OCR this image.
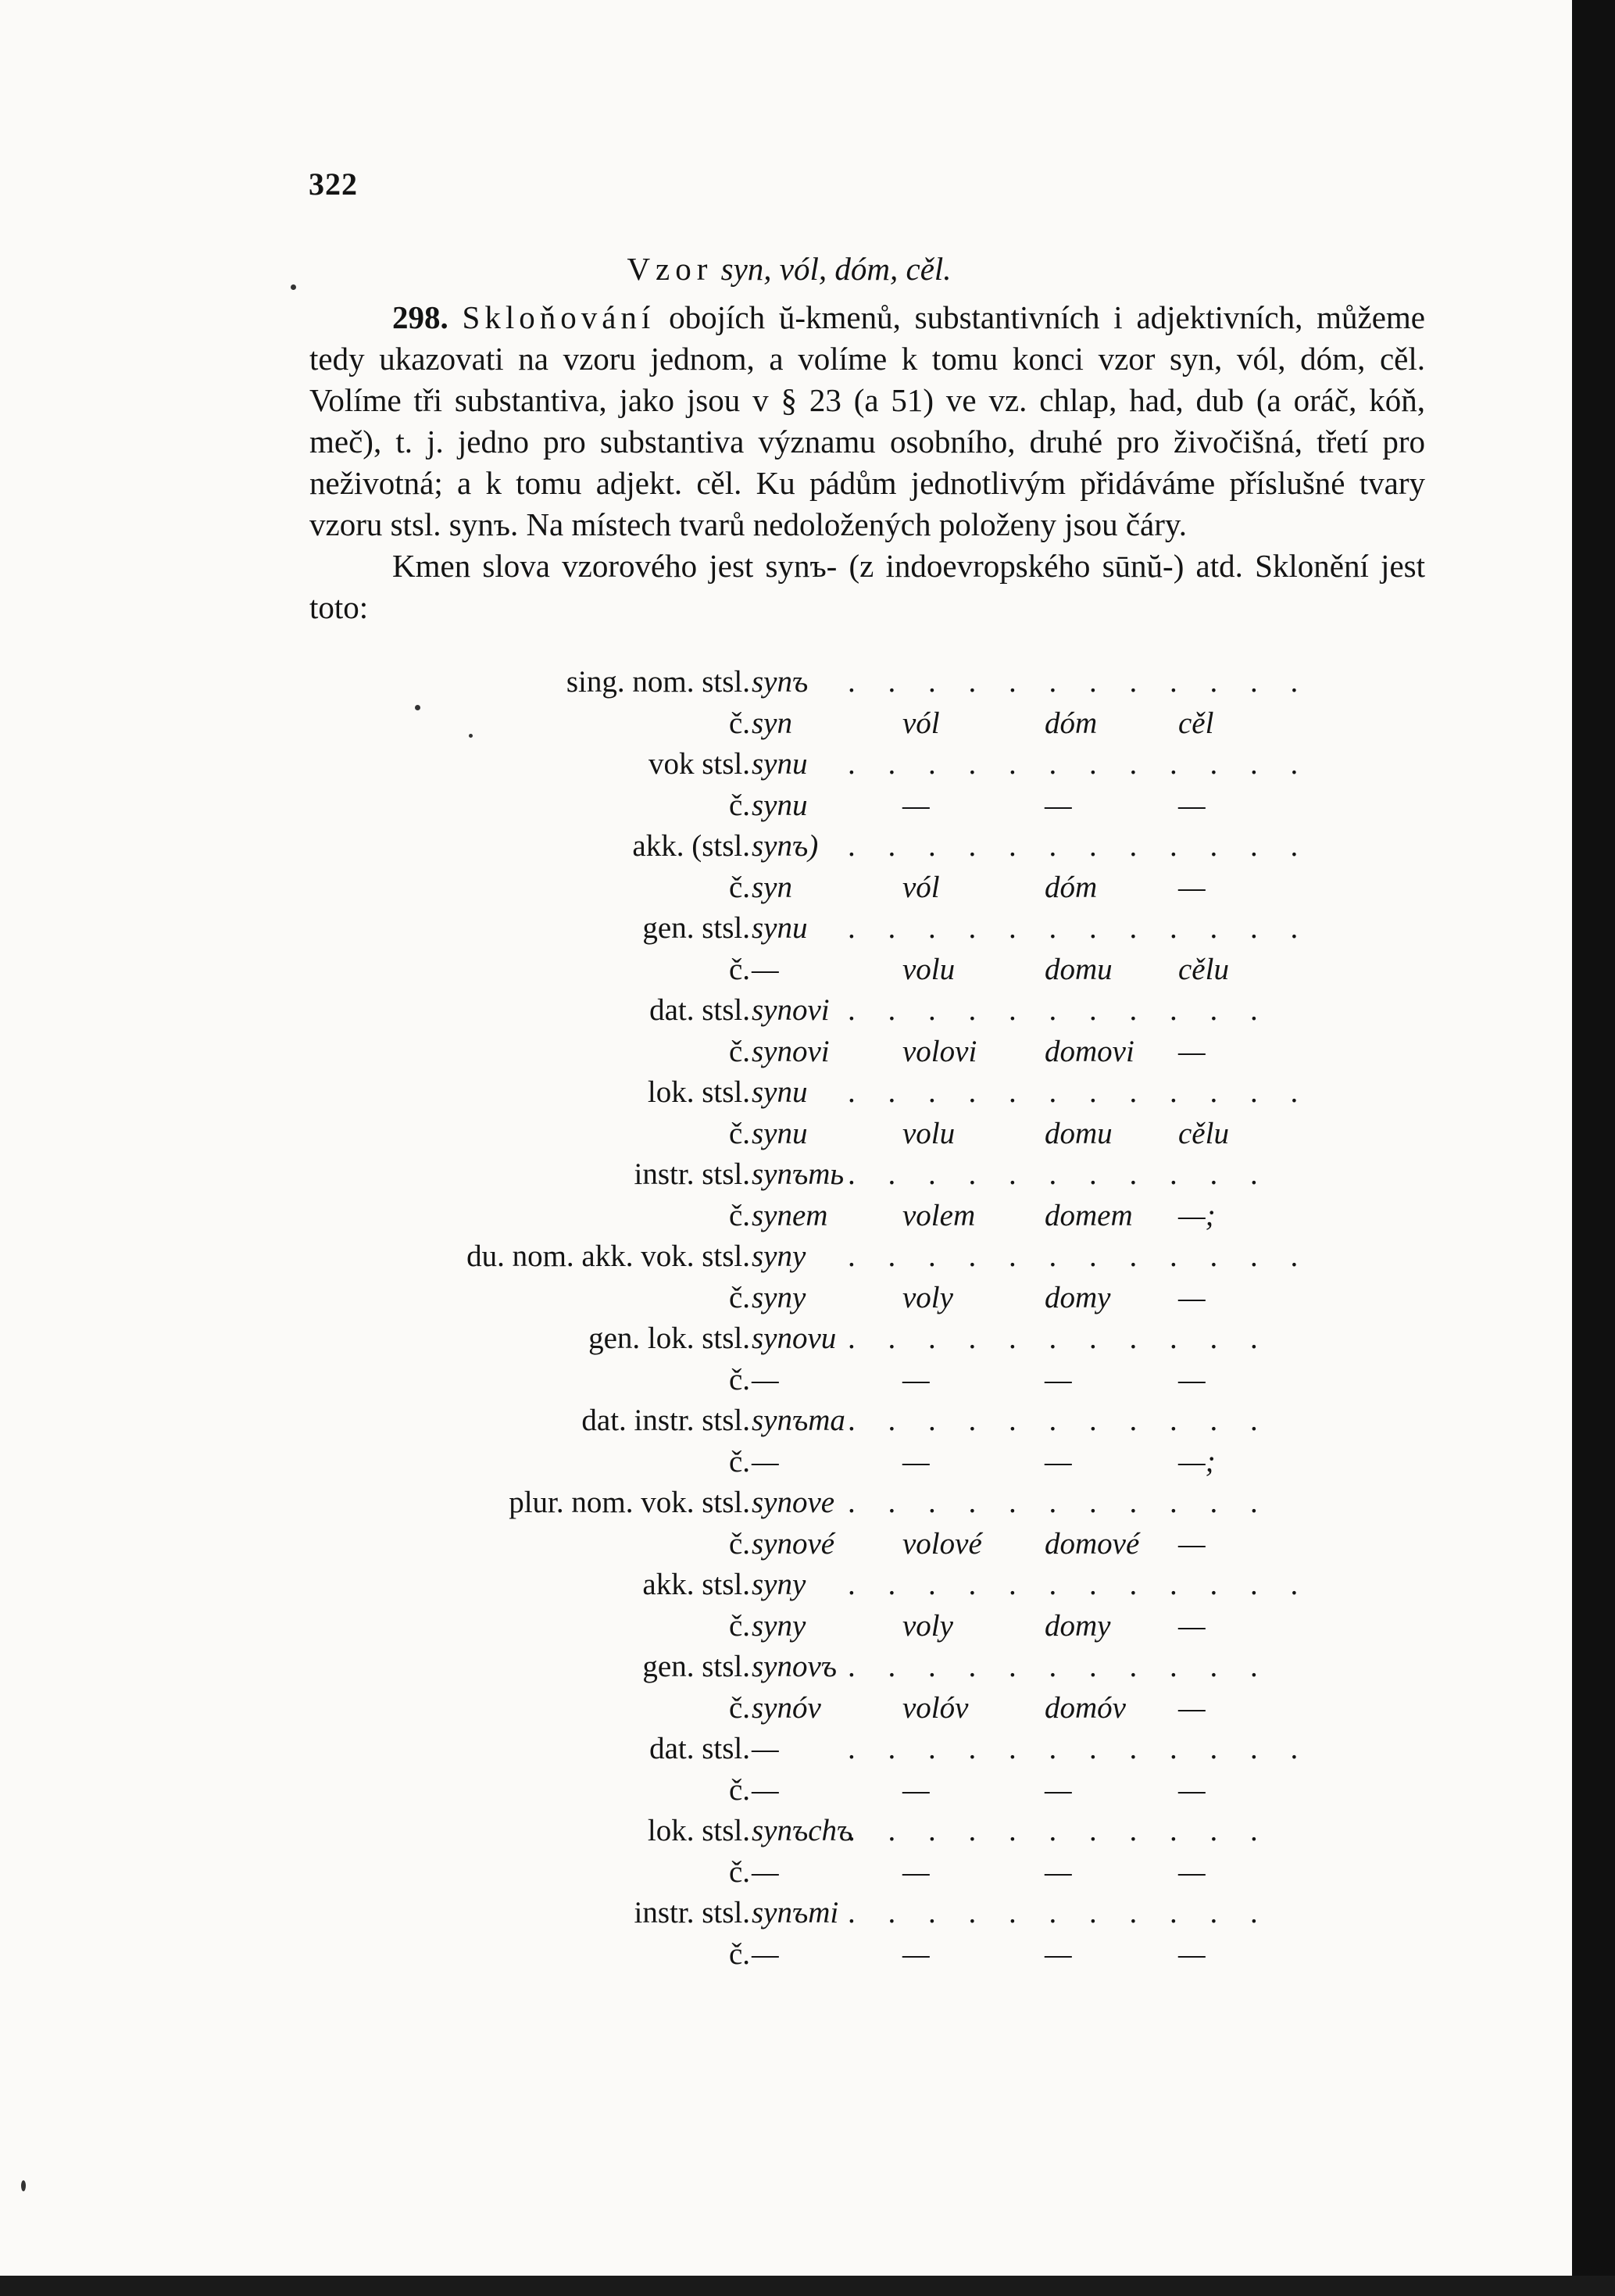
322
Vzor syn, vól, dóm, cěl.

298. Skloňování obojích ŭ-kmenů, substantivních i adjektivních, můžeme tedy ukazovati na vzoru jednom, a volíme k tomu konci vzor syn, vól, dóm, cěl. Volíme tři substantiva, jako jsou v § 23 (a 51) ve vz. chlap, had, dub (a oráč, kóň, meč), t. j. jedno pro substantiva významu osobního, druhé pro živočišná, třetí pro neživotná; a k tomu adjekt. cěl. Ku pádům jednotlivým přidáváme příslušné tvary vzoru stsl. synъ. Na místech tvarů nedoložených položeny jsou čáry.

Kmen slova vzorového jest synъ- (z indoevropského sūnŭ-) atd. Sklonění jest toto:

sing. nom. stsl. synъ . . . . . . . . . . . .
č. syn	vól	dóm	cěl
vok stsl. synu . . . . . . . . . . . .
č. synu	—	—	—
akk. (stsl. synъ) . . . . . . . . . . . .
č. syn	vól	dóm	—
gen. stsl. synu . . . . . . . . . . . .
č. —	volu	domu cělu
dat. stsl. synovi . . . . . . . . . . .
č. synovi volovi domovi —
lok. stsl. synu . . . . . . . . . . . .
č. synu	volu	domu cělu
instr. stsl. synъmь . . . . . . . . . . .
č. synem volem domem —;
du. nom. akk. vok. stsl. syny . . . . . . . . . . . .
č. syny	voly	domy —
gen. lok. stsl. synovu . . . . . . . . . . .
č. —	—	—	—
dat. instr. stsl. synъma . . . . . . . . . . .
č. —	—	—	—;
plur. nom. vok. stsl. synove . . . . . . . . . . .
č. synové volové domové —
akk. stsl. syny . . . . . . . . . . . .
č. syny	voly	domy —
gen. stsl. synovъ . . . . . . . . . . .
č. synóv	volóv	domóv —
dat. stsl. — . . . . . . . . . . . .
č. —	—	—	—
lok. stsl. synъchъ
. . . . . . . . . . .
č. —	—	—	—
instr. stsl. synъmi . . . . . . . . . . .
č. —	—	—	—
